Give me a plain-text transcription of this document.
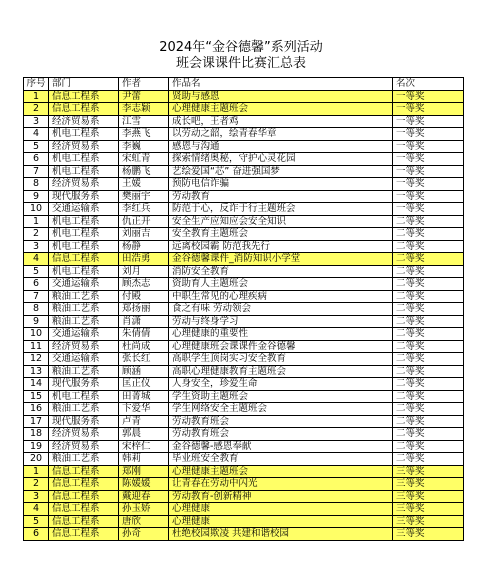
2024年“金谷德馨”系列活动
班会课课件比赛汇总表
序号	部门	作者	作品名	名次
1	信息工程系	尹蕾	贤助与感恩	一等奖
2	信息工程系	李志颖	心理健康主题班会	一等奖
3	经济贸易系	江雪	成长吧，王者鸡	一等奖
4	机电工程系	李燕飞	以劳动之韶，绘青春华章	一等奖
5	经济贸易系	李巍	感恩与沟通	一等奖
6	机电工程系	宋虹青	探索情绪奥秘，守护心灵花园	一等奖
7	机电工程系	杨鹏飞	艺绘爱国“芯” 奋进强国梦	一等奖
8	经济贸易系	王媛	预防电信诈骗	一等奖
9	现代服务系	樊丽宇	劳动教育	一等奖
10	交通运输系	李红兵	防范于心，反诈于行主题班会	一等奖
1	机电工程系	仇正开	安全生产应知应会安全知识	二等奖
2	机电工程系	刘丽吉	安全教育主题班会	二等奖
3	机电工程系	杨静	远离校园霸 防范我先行	二等奖
4	信息工程系	田浩勇	金谷德馨课件_消防知识小学堂	二等奖
5	机电工程系	刘月	消防安全教育	二等奖
6	交通运输系	顾杰志	资助育人主题班会	二等奖
7	粮油工艺系	付殿	中职生常见的心理疾病	二等奖
8	粮油工艺系	郑扬丽	食之有味 劳动领会	二等奖
9	粮油工艺系	肖潇	劳动与终身学习	二等奖
10	交通运输系	朱倩倩	心理健康的重要性	二等奖
11	经济贸易系	杜尚成	心理健康班会课课件金谷德馨	二等奖
12	交通运输系	张长红	高职学生顶岗实习安全教育	二等奖
13	粮油工艺系	顾涵	高职心理健康教育主题班会	二等奖
14	现代服务系	匡正仪	人身安全，珍爱生命	二等奖
15	机电工程系	田菁城	学生资助主题班会	二等奖
16	粮油工艺系	卞爱华	学生网络安全主题班会	二等奖
17	现代服务系	卢青	劳动教育班会	二等奖
18	经济贸易系	郭晨	劳动教育班会	二等奖
19	经济贸易系	宋梓仁	金谷德馨-感恩奉献	二等奖
20	粮油工艺系	韩莉	毕业班安全教育	二等奖
1	信息工程系	郑刚	心理健康主题班会	三等奖
2	信息工程系	陈媛媛	让青春在劳动中闪光	三等奖
3	信息工程系	戴迎春	劳动教育-创新精神	三等奖
4	信息工程系	孙玉娇	心理健康	三等奖
5	信息工程系	唐欣	心理健康	三等奖
6	信息工程系	孙奇	杜绝校园欺凌 共建和谐校园	三等奖
